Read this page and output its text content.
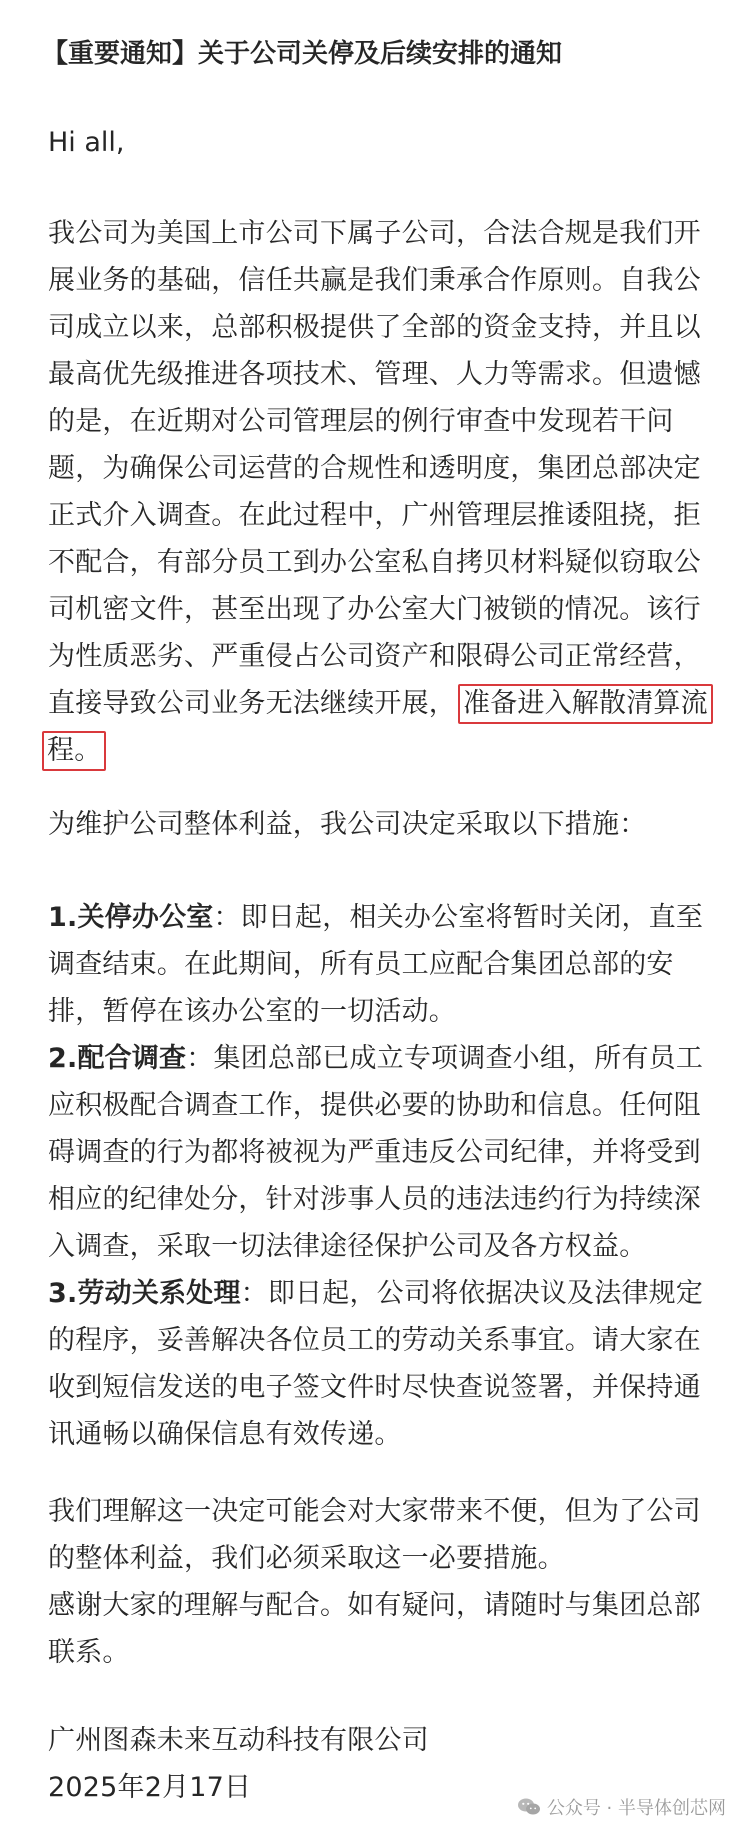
【重要通知】关于公司关停及后续安排的通知
Hi all,
我公司为美国上市公司下属子公司，合法合规是我们开
展业务的基础，信任共赢是我们秉承合作原则。自我公
司成立以来，总部积极提供了全部的资金支持，并且以
最高优先级推进各项技术、管理、人力等需求。但遗憾
的是，在近期对公司管理层的例行审查中发现若干问
题，为确保公司运营的合规性和透明度，集团总部决定
正式介入调查。在此过程中，广州管理层推诿阻挠，拒
不配合，有部分员工到办公室私自拷贝材料疑似窃取公
司机密文件，甚至出现了办公室大门被锁的情况。该行
为性质恶劣、严重侵占公司资产和限碍公司正常经营，
直接导致公司业务无法继续开展， 准备进入解散清算流
程。
为维护公司整体利益，我公司决定采取以下措施：
1.关停办公室：即日起，相关办公室将暂时关闭，直至
调查结束。在此期间，所有员工应配合集团总部的安
排，暂停在该办公室的一切活动。
2.配合调查：集团总部已成立专项调查小组，所有员工
应积极配合调查工作，提供必要的协助和信息。任何阻
碍调查的行为都将被视为严重违反公司纪律，并将受到
相应的纪律处分，针对涉事人员的违法违约行为持续深
入调查，采取一切法律途径保护公司及各方权益。
3.劳动关系处理：即日起，公司将依据决议及法律规定
的程序，妥善解决各位员工的劳动关系事宜。请大家在
收到短信发送的电子签文件时尽快查说签署，并保持通
讯通畅以确保信息有效传递。
我们理解这一决定可能会对大家带来不便，但为了公司
的整体利益，我们必须采取这一必要措施。
感谢大家的理解与配合。如有疑问，请随时与集团总部
联系。
广州图森未来互动科技有限公司
2025年2月17日
公众号 · 半导体创芯网
